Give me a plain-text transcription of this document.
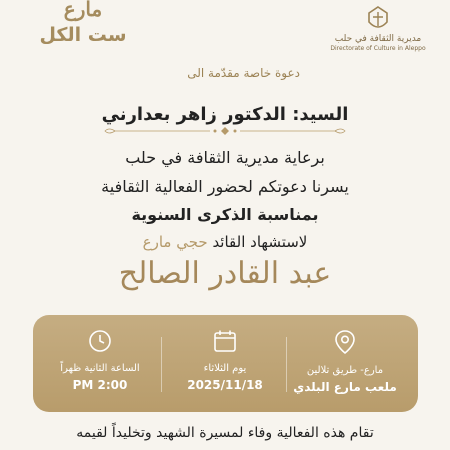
مارع
ست الكل	مديرية الثقافة في حلب
Directorate of Culture in Aleppo
دعوة خاصة مقدّمة الى
السيد: الدكتور زاهر بعدارني
برعاية مديرية الثقافة في حلب
يسرنا دعوتكم لحضور الفعالية الثقافية
بمناسبة الذكرى السنوية
لاستشهاد القائد حجي مارع
عبد القادر الصالح
مارع- طريق تلالين
ملعب مارع البلدي
يوم الثلاثاء
2025/11/18
الساعة الثانية ظهراً
2:00 PM
تقام هذه الفعالية وفاء لمسيرة الشهيد وتخليداً لقيمه
